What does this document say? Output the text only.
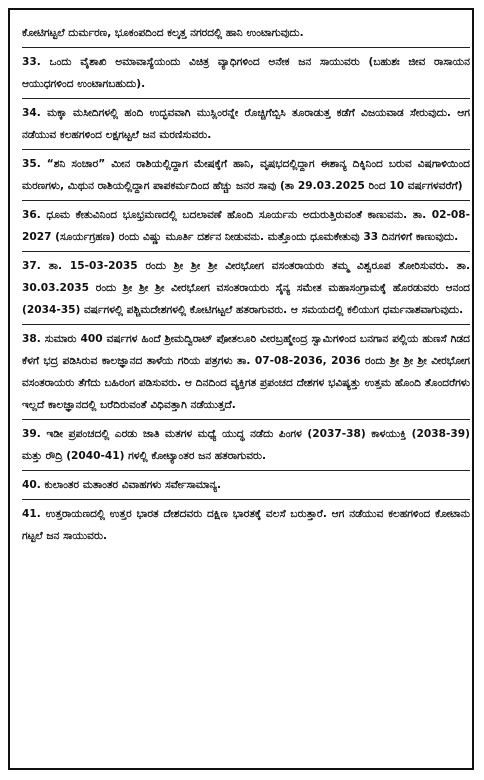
ಕೋಟಿಗಟ್ಟಲೆ ದುರ್ಮರಣ, ಭೂಕಂಪದಿಂದ ಕಲ್ಕತ್ತ ನಗರದಲ್ಲಿ ಹಾನಿ ಉಂಟಾಗುವುದು.

33. ಒಂದು ವೈಶಾಖಿ ಅಮಾವಾಸ್ಯೆಯಂದು ವಿಚಿತ್ರ ವ್ಯಾಧಿಗಳಿಂದ ಅನೇಕ ಜನ ಸಾಯುವರು (ಬಹುಶಃ ಜೀವ ರಾಸಾಯನ ಆಯುಧಗಳಿಂದ ಉಂಟಾಗಬಹುದು).

34. ಮಕ್ಕಾ ಮಸೀದಿಗಳಲ್ಲಿ ಹಂದಿ ಉದ್ಭವವಾಗಿ ಮುಸ್ಲಿಂರನ್ನೇ ರೊಚ್ಚಿಗೆಬ್ಬಿಸಿ ತೂರಾಡುತ್ತ ಕಡೆಗೆ ವಿಜಯವಾಡ ಸೇರುವುದು. ಆಗ ನಡೆಯುವ ಕಲಹಗಳಿಂದ ಲಕ್ಷಗಟ್ಟಲೆ ಜನ ಮರಣಿಸುವರು.

35. “ಶನಿ ಸಂಚಾರ” ಮೀನ ರಾಶಿಯಲ್ಲಿದ್ದಾಗ ಮೇಷಕ್ಕೆಗೆ ಹಾನಿ, ವೃಷಭದಲ್ಲಿದ್ದಾಗ ಈಶಾನ್ಯ ದಿಕ್ಕಿನಿಂದ ಬರುವ ವಿಷಗಾಳಿಯಿಂದ ಮರಣಗಳು, ಮಿಥುನ ರಾಶಿಯಲ್ಲಿದ್ದಾಗ ಪಾಪಕರ್ಮದಿಂದ ಹೆಚ್ಚು ಜನರ ಸಾವು (ತಾ 29.03.2025 ರಿಂದ 10 ವರ್ಷಗಳವರೆಗೆ)

36. ಧೂಮ ಕೇತುವಿನಿಂದ ಭೂಭ್ರಮಣದಲ್ಲಿ ಬದಲಾವಣೆ ಹೊಂದಿ ಸೂರ್ಯನು ಅದುರುತ್ತಿರುವಂತೆ ಕಾಣುವನು. ತಾ. 02-08-2027 (ಸೂರ್ಯಗ್ರಹಣ) ರಂದು ವಿಷ್ಣು ಮೂರ್ತಿ ದರ್ಶನ ನೀಡುವನು. ಮತ್ತೊಂದು ಧೂಮಕೇತುವು 33 ದಿನಗಳಿಗೆ ಕಾಣುವುದು.

37. ತಾ. 15-03-2035 ರಂದು ಶ್ರೀ ಶ್ರೀ ಶ್ರೀ ವೀರಭೋಗ ವಸಂತರಾಯರು ತಮ್ಮ ವಿಶ್ವರೂಪ ತೋರಿಸುವರು. ತಾ. 30.03.2035 ರಂದು ಶ್ರೀ ಶ್ರೀ ಶ್ರೀ ವೀರಭೋಗ ವಸಂತರಾಯರು ಸೈನ್ಯ ಸಮೇತ ಮಹಾಸಂಗ್ರಾಮಕ್ಕೆ ಹೊರಡುವರು ಆನಂದ (2034-35) ವರ್ಷಗಳಲ್ಲಿ ಪಶ್ಚಿಮದೇಶಗಳಲ್ಲಿ ಕೋಟಿಗಟ್ಟಲೆ ಹತರಾಗುವರು. ಆ ಸಮಯದಲ್ಲಿ ಕಲಿಯುಗ ಧರ್ಮನಾಶವಾಗುವುದು.

38. ಸುಮಾರು 400 ವರ್ಷಗಳ ಹಿಂದೆ ಶ್ರೀಮದ್ವಿರಾಟ್ ಪೋತಲೂರಿ ವೀರಬ್ರಹ್ಮೇಂದ್ರ ಸ್ವಾಮಿಗಳಿಂದ ಬನಗಾನ ಪಲ್ಲಿಯ ಹುಣಸೆ ಗಿಡದ ಕೆಳಗೆ ಭದ್ರ ಪಡಿಸಿರುವ ಕಾಲಜ್ಞಾನದ ತಾಳೆಯ ಗರಿಯ ಪತ್ರಗಳು ತಾ. 07-08-2036, 2036 ರಂದು ಶ್ರೀ ಶ್ರೀ ಶ್ರೀ ವೀರಭೋಗ ವಸಂತರಾಯರು ತೆಗೆದು ಬಹಿರಂಗ ಪಡಿಸುವರು. ಆ ದಿನದಿಂದ ವ್ಯಕ್ತಿಗತ ಪ್ರಪಂಚದ ದೇಶಗಳ ಭವಿಷ್ಯತ್ತು ಉತ್ತಮ ಹೊಂದಿ ತೊಂದರೆಗಳು ಇಲ್ಲದೆ ಕಾಲಜ್ಞಾನದಲ್ಲಿ ಬರೆದಿರುವಂತೆ ವಿಧಿವತ್ತಾಗಿ ನಡೆಯುತ್ತದೆ.

39. ಇಡೀ ಪ್ರಪಂಚದಲ್ಲಿ ಎರಡು ಜಾತಿ ಮತಗಳ ಮಧ್ಯೆ ಯುದ್ಧ ನಡೆದು ಪಿಂಗಳ (2037-38) ಕಾಳಯುಕ್ತಿ (2038-39) ಮತ್ತು ರೌದ್ರಿ (2040-41) ಗಳಲ್ಲಿ ಕೋಟ್ಯಾಂತರ ಜನ ಹತರಾಗುವರು.

40. ಕುಲಾಂತರ ಮತಾಂತರ ವಿವಾಹಗಳು ಸರ್ವೇಸಾಮಾನ್ಯ.

41. ಉತ್ತರಾಯಣದಲ್ಲಿ ಉತ್ತರ ಭಾರತ ದೇಶದವರು ದಕ್ಷಿಣ ಭಾರತಕ್ಕೆ ವಲಸೆ ಬರುತ್ತಾರೆ. ಆಗ ನಡೆಯುವ ಕಲಹಗಳಿಂದ ಕೋಟಾನು ಗಟ್ಟಲೆ ಜನ ಸಾಯುವರು.
